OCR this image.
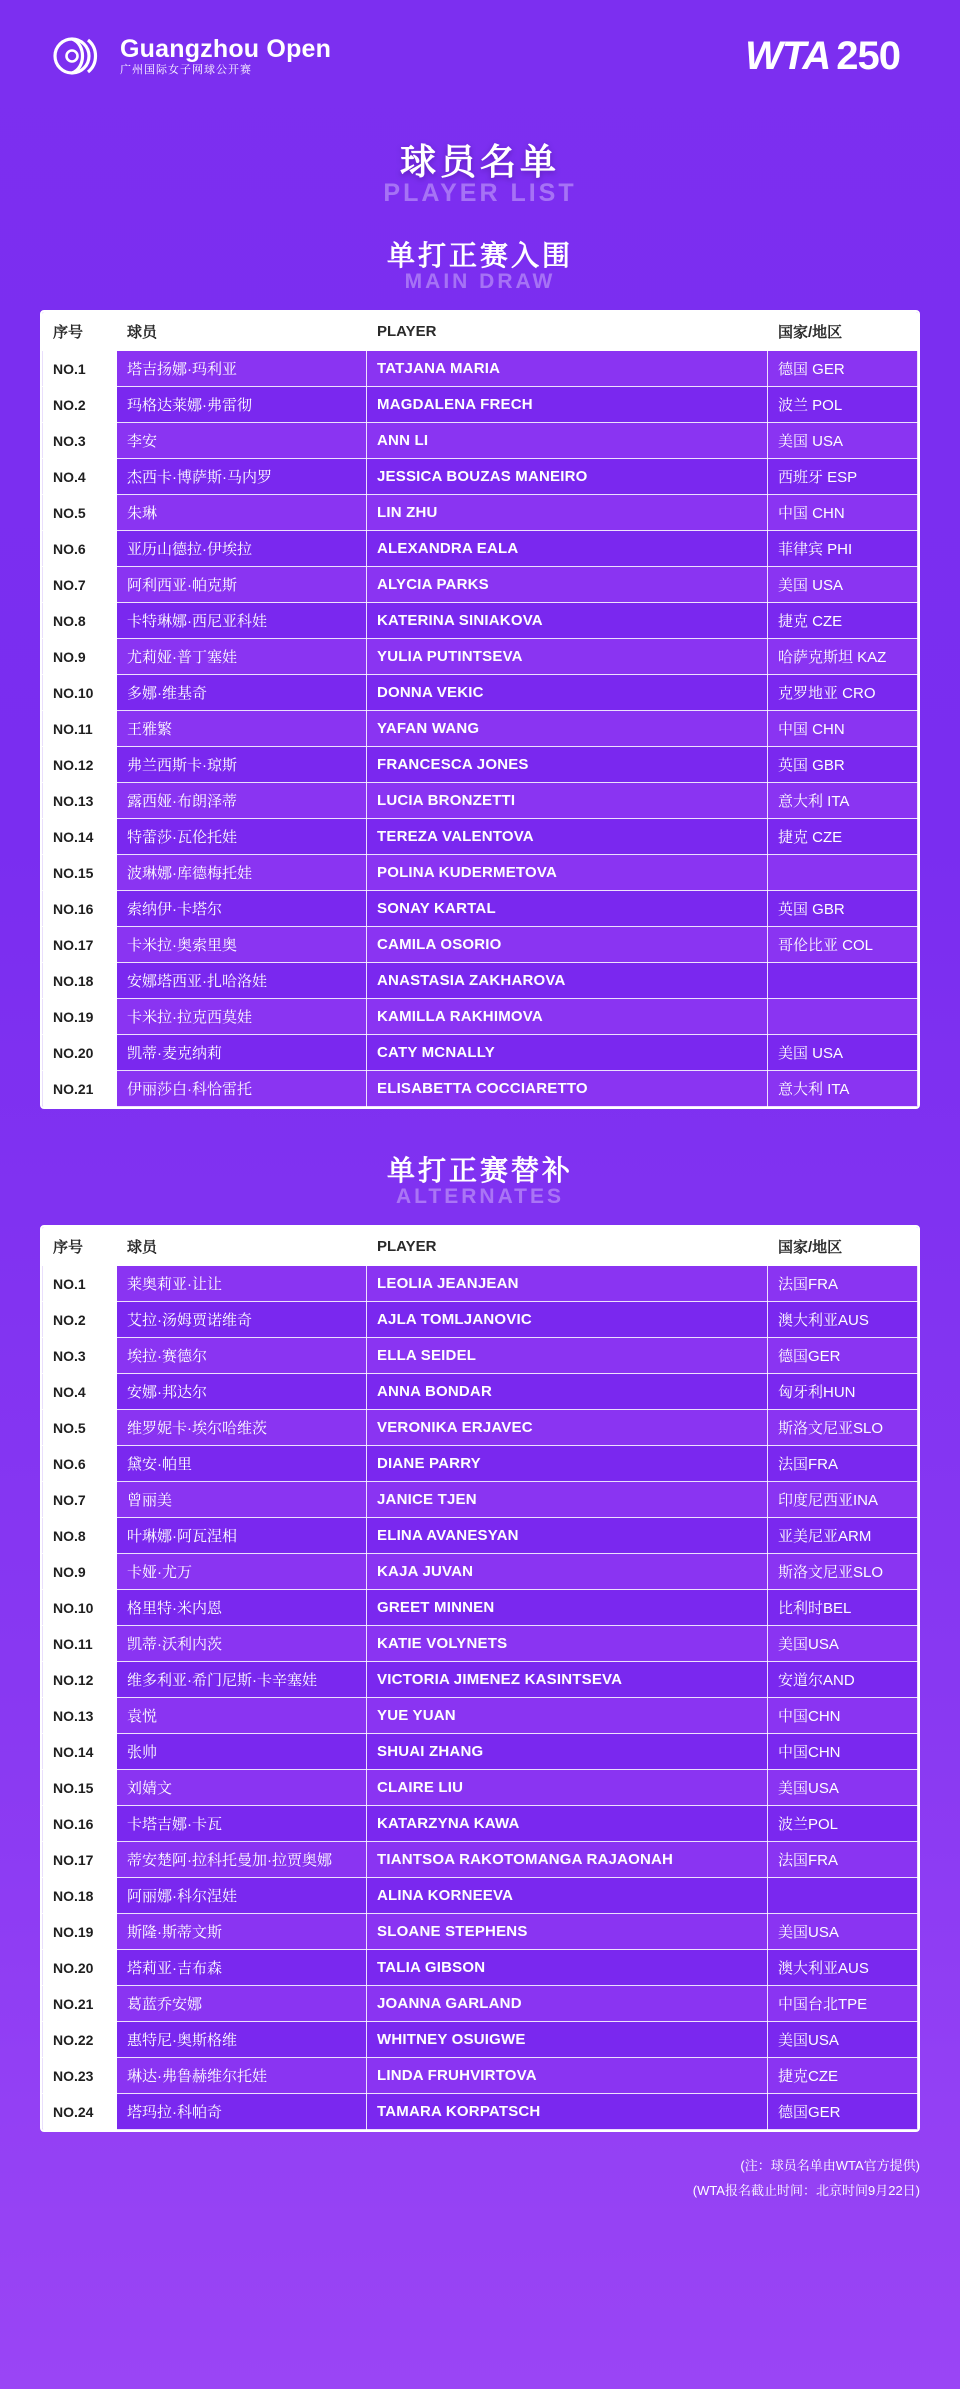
Guangzhou Open
广州国际女子网球公开赛	WTA 250
球员名单
PLAYER LIST
单打正赛入围
MAIN DRAW
序号	球员	PLAYER	国家/地区
NO.1	塔吉扬娜·玛利亚	TATJANA MARIA	德国 GER
NO.2	玛格达莱娜·弗雷彻	MAGDALENA FRECH	波兰 POL
NO.3	李安	ANN LI	美国 USA
NO.4	杰西卡·博萨斯·马内罗	JESSICA BOUZAS MANEIRO	西班牙 ESP
NO.5	朱琳	LIN ZHU	中国 CHN
NO.6	亚历山德拉·伊埃拉	ALEXANDRA EALA	菲律宾 PHI
NO.7	阿利西亚·帕克斯	ALYCIA PARKS	美国 USA
NO.8	卡特琳娜·西尼亚科娃	KATERINA SINIAKOVA	捷克 CZE
NO.9	尤莉娅·普丁塞娃	YULIA PUTINTSEVA	哈萨克斯坦 KAZ
NO.10	多娜·维基奇	DONNA VEKIC	克罗地亚 CRO
NO.11	王雅繁	YAFAN WANG	中国 CHN
NO.12	弗兰西斯卡·琼斯	FRANCESCA JONES	英国 GBR
NO.13	露西娅·布朗泽蒂	LUCIA BRONZETTI	意大利 ITA
NO.14	特蕾莎·瓦伦托娃	TEREZA VALENTOVA	捷克 CZE
NO.15	波琳娜·库德梅托娃	POLINA KUDERMETOVA	
NO.16	索纳伊·卡塔尔	SONAY KARTAL	英国 GBR
NO.17	卡米拉·奥索里奥	CAMILA OSORIO	哥伦比亚 COL
NO.18	安娜塔西亚·扎哈洛娃	ANASTASIA ZAKHAROVA	
NO.19	卡米拉·拉克西莫娃	KAMILLA RAKHIMOVA	
NO.20	凯蒂·麦克纳莉	CATY MCNALLY	美国 USA
NO.21	伊丽莎白·科恰雷托	ELISABETTA COCCIARETTO	意大利 ITA
单打正赛替补
ALTERNATES
序号	球员	PLAYER	国家/地区
NO.1	莱奥莉亚·让让	LEOLIA JEANJEAN	法国FRA
NO.2	艾拉·汤姆贾诺维奇	AJLA TOMLJANOVIC	澳大利亚AUS
NO.3	埃拉·赛德尔	ELLA SEIDEL	德国GER
NO.4	安娜·邦达尔	ANNA BONDAR	匈牙利HUN
NO.5	维罗妮卡·埃尔哈维茨	VERONIKA ERJAVEC	斯洛文尼亚SLO
NO.6	黛安·帕里	DIANE PARRY	法国FRA
NO.7	曾丽美	JANICE TJEN	印度尼西亚INA
NO.8	叶琳娜·阿瓦涅相	ELINA AVANESYAN	亚美尼亚ARM
NO.9	卡娅·尤万	KAJA JUVAN	斯洛文尼亚SLO
NO.10	格里特·米内恩	GREET MINNEN	比利时BEL
NO.11	凯蒂·沃利内茨	KATIE VOLYNETS	美国USA
NO.12	维多利亚·希门尼斯·卡辛塞娃	VICTORIA JIMENEZ KASINTSEVA	安道尔AND
NO.13	袁悦	YUE YUAN	中国CHN
NO.14	张帅	SHUAI ZHANG	中国CHN
NO.15	刘婧文	CLAIRE LIU	美国USA
NO.16	卡塔吉娜·卡瓦	KATARZYNA KAWA	波兰POL
NO.17	蒂安楚阿·拉科托曼加·拉贾奥娜	TIANTSOA RAKOTOMANGA RAJAONAH	法国FRA
NO.18	阿丽娜·科尔涅娃	ALINA KORNEEVA	
NO.19	斯隆·斯蒂文斯	SLOANE STEPHENS	美国USA
NO.20	塔莉亚·吉布森	TALIA GIBSON	澳大利亚AUS
NO.21	葛蓝乔安娜	JOANNA GARLAND	中国台北TPE
NO.22	惠特尼·奥斯格维	WHITNEY OSUIGWE	美国USA
NO.23	琳达·弗鲁赫维尔托娃	LINDA FRUHVIRTOVA	捷克CZE
NO.24	塔玛拉·科帕奇	TAMARA KORPATSCH	德国GER
(注：球员名单由WTA官方提供)
(WTA报名截止时间：北京时间9月22日)
